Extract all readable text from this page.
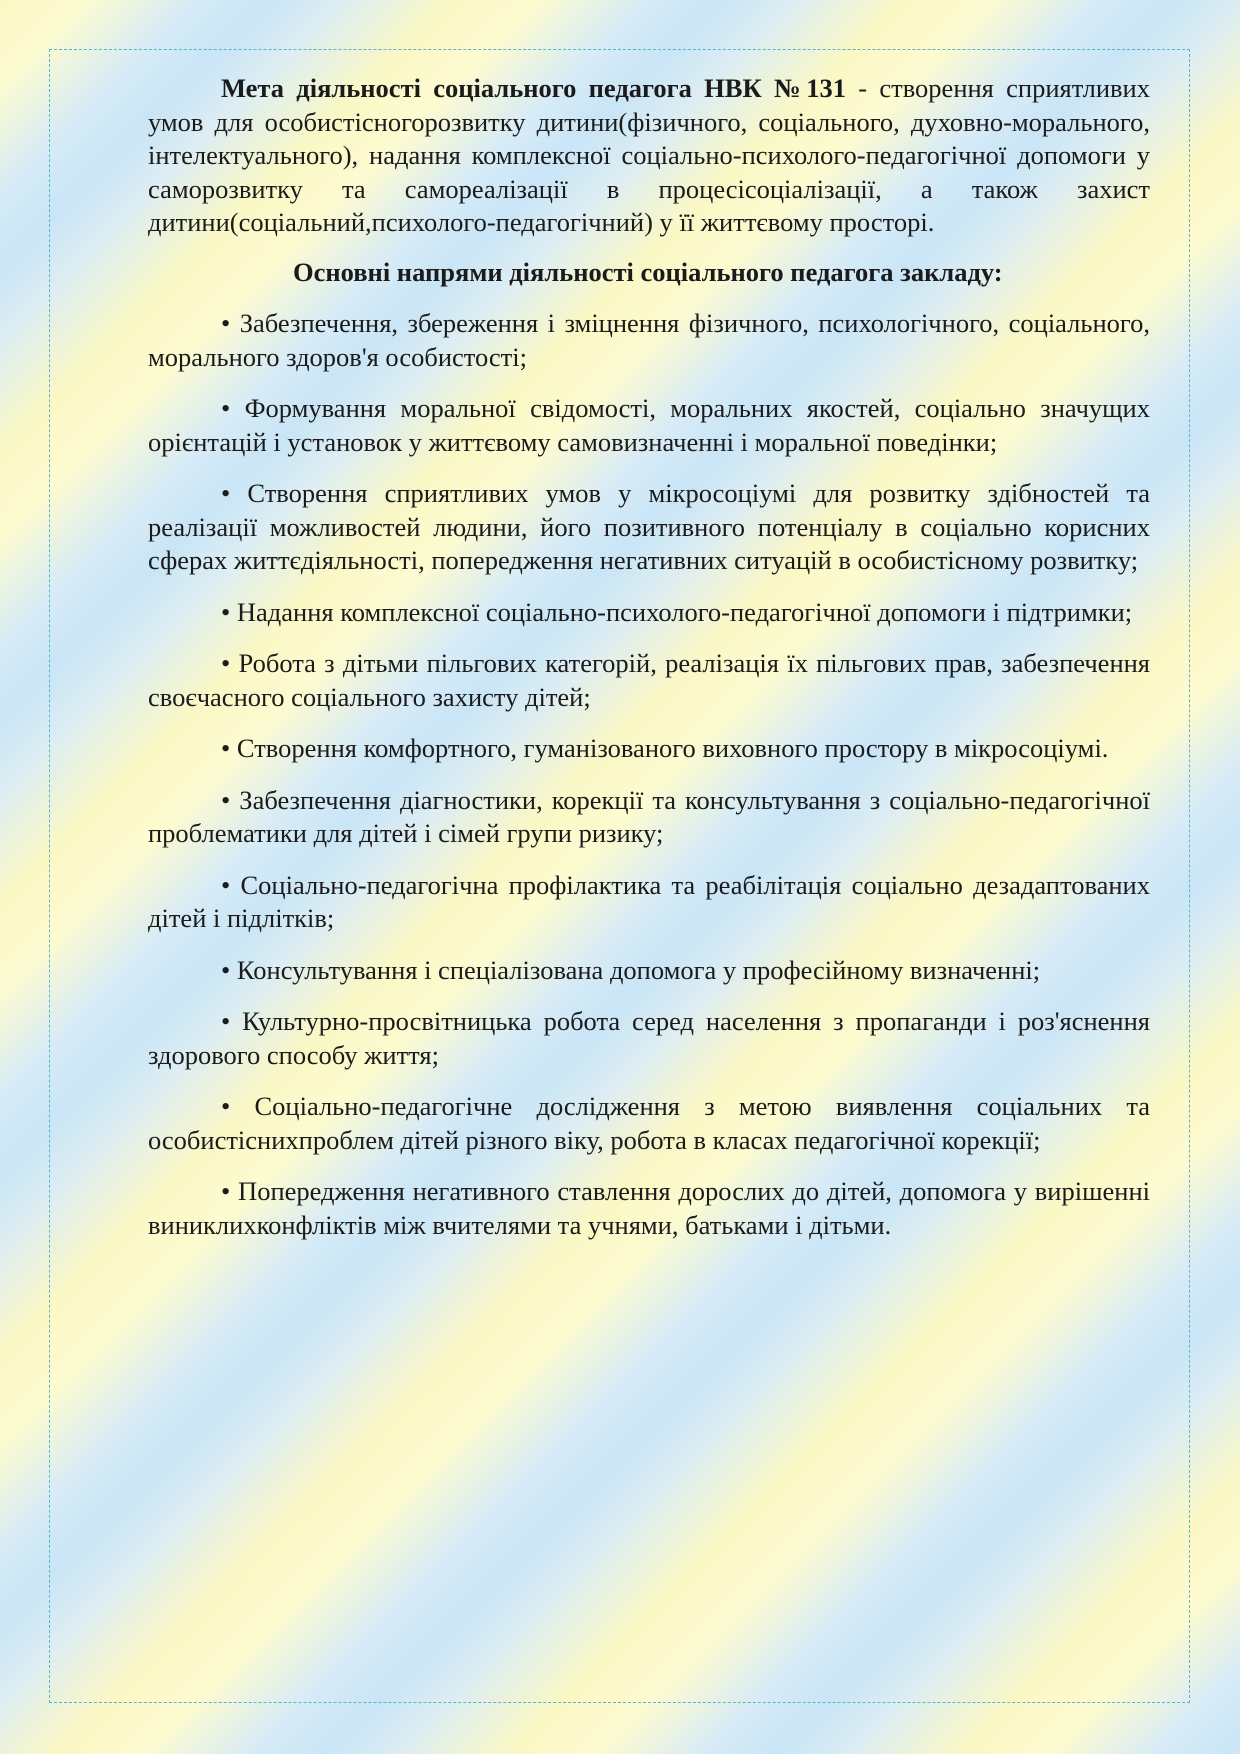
Мета діяльності соціального педагога НВК №131 - створення сприятливих умов для особистісногорозвитку дитини(фізичного, соціального, духовно-морального, інтелектуального), надання комплексної соціально-психолого-педагогічної допомоги у саморозвитку та самореалізації в процесісоціалізації, а також захист дитини(соціальний,психолого-педагогічний) у її життєвому просторі.

Основні напрями діяльності соціального педагога закладу:

• Забезпечення, збереження і зміцнення фізичного, психологічного, соціального, морального здоров'я особистості;

• Формування моральної свідомості, моральних якостей, соціально значущих орієнтацій і установок у життєвому самовизначенні і моральної поведінки;

• Створення сприятливих умов у мікросоціумі для розвитку здібностей та реалізації можливостей людини, його позитивного потенціалу в соціально корисних сферах життєдіяльності, попередження негативних ситуацій в особистісному розвитку;

• Надання комплексної соціально-психолого-педагогічної допомоги і підтримки;

• Робота з дітьми пільгових категорій, реалізація їх пільгових прав, забезпечення своєчасного соціального захисту дітей;

• Створення комфортного, гуманізованого виховного простору в мікросоціумі.

• Забезпечення діагностики, корекції та консультування з соціально-педагогічної проблематики для дітей і сімей групи ризику;

• Соціально-педагогічна профілактика та реабілітація соціально дезадаптованих дітей і підлітків;

• Консультування і спеціалізована допомога у професійному визначенні;

• Культурно-просвітницька робота серед населення з пропаганди і роз'яснення здорового способу життя;

• Соціально-педагогічне дослідження з метою виявлення соціальних та особистіснихпроблем дітей різного віку, робота в класах педагогічної корекції;

• Попередження негативного ставлення дорослих до дітей, допомога у вирішенні виниклихконфліктів між вчителями та учнями, батьками і дітьми.
